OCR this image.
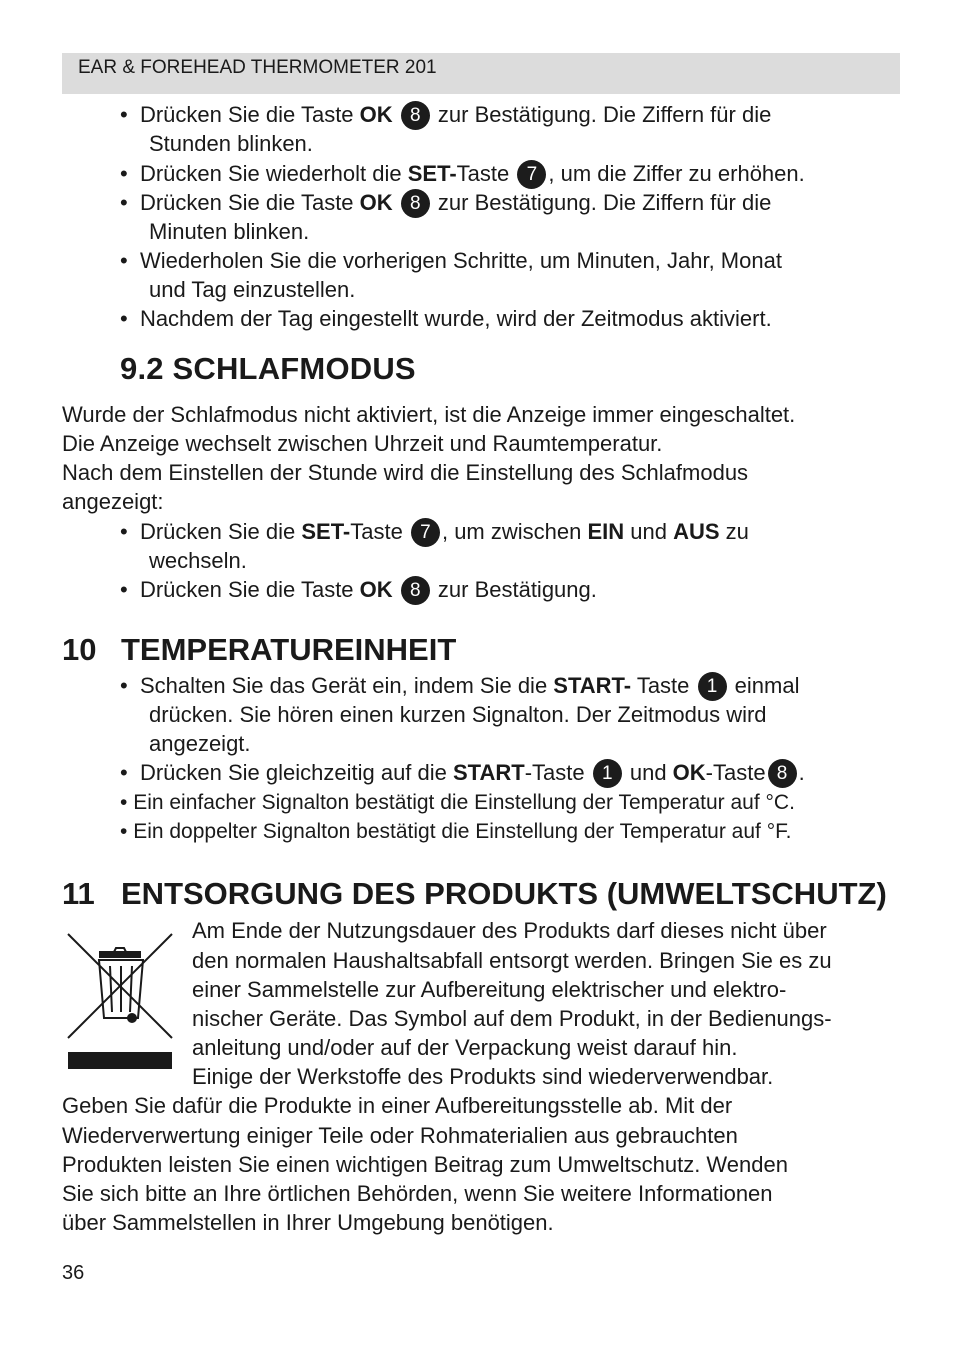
EAR & FOREHEAD THERMOMETER 201
•  Drücken Sie die Taste OK 8 zur Bestätigung. Die Ziffern für die
Stunden blinken.
•  Drücken Sie wiederholt die SET-Taste 7 , um die Ziffer zu erhöhen.
•  Drücken Sie die Taste OK 8 zur Bestätigung. Die Ziffern für die
Minuten blinken.
•  Wiederholen Sie die vorherigen Schritte, um Minuten, Jahr, Monat
und Tag einzustellen.
•  Nachdem der Tag eingestellt wurde, wird der Zeitmodus aktiviert.
9.2 SCHLAFMODUS
Wurde der Schlafmodus nicht aktiviert, ist die Anzeige immer eingeschaltet.
Die Anzeige wechselt zwischen Uhrzeit und Raumtemperatur.
Nach dem Einstellen der Stunde wird die Einstellung des Schlafmodus
angezeigt:
•  Drücken Sie die SET-Taste 7 , um zwischen EIN und AUS zu
wechseln.
•  Drücken Sie die Taste OK 8 zur Bestätigung.
10 TEMPERATUREINHEIT
•  Schalten Sie das Gerät ein, indem Sie die START- Taste 1 einmal
drücken. Sie hören einen kurzen Signalton. Der Zeitmodus wird
angezeigt.
•  Drücken Sie gleichzeitig auf die START-Taste 1 und OK-Taste 8 .
• Ein einfacher Signalton bestätigt die Einstellung der Temperatur auf °C.
• Ein doppelter Signalton bestätigt die Einstellung der Temperatur auf °F.
11 ENTSORGUNG DES PRODUKTS (UMWELTSCHUTZ)
Am Ende der Nutzungsdauer des Produkts darf dieses nicht über
den normalen Haushaltsabfall entsorgt werden. Bringen Sie es zu
einer Sammelstelle zur Aufbereitung elektrischer und elektro-
nischer Geräte. Das Symbol auf dem Produkt, in der Bedienungs-
anleitung und/oder auf der Verpackung weist darauf hin.
Einige der Werkstoffe des Produkts sind wiederverwendbar.
Geben Sie dafür die Produkte in einer Aufbereitungsstelle ab. Mit der
Wiederverwertung einiger Teile oder Rohmaterialien aus gebrauchten
Produkten leisten Sie einen wichtigen Beitrag zum Umweltschutz. Wenden
Sie sich bitte an Ihre örtlichen Behörden, wenn Sie weitere Informationen
über Sammelstellen in Ihrer Umgebung benötigen.
36
